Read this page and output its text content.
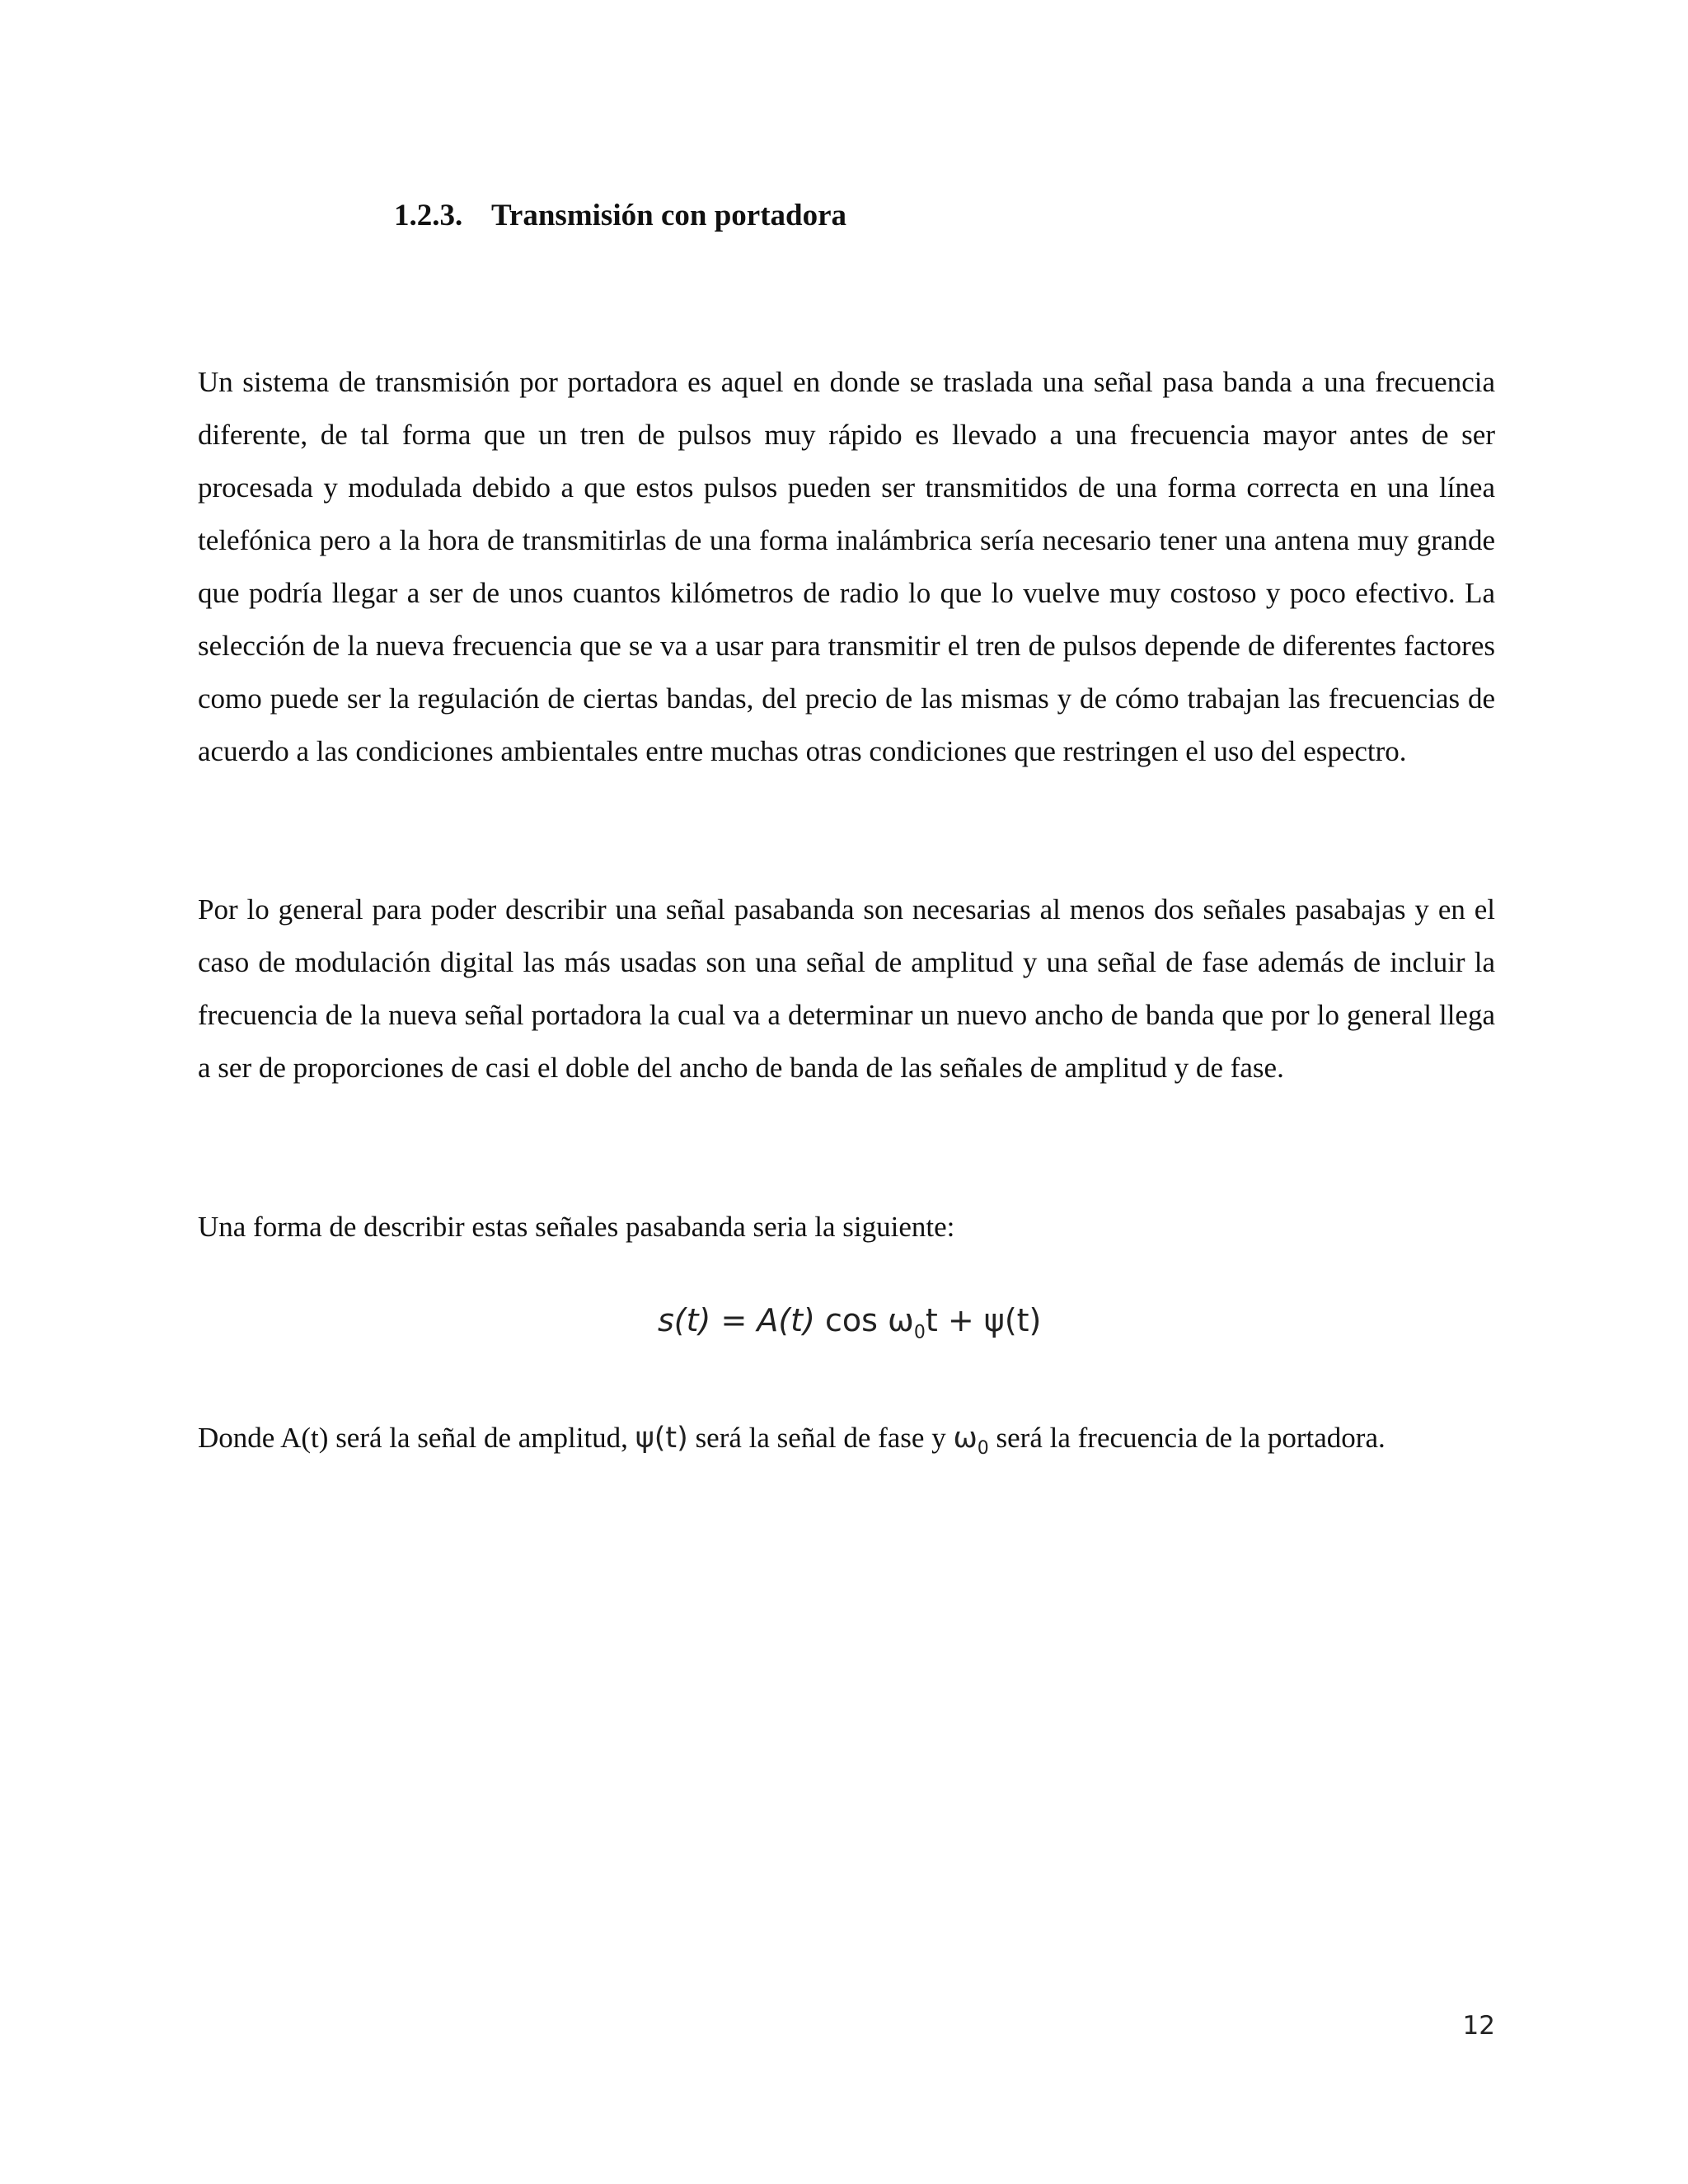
1.2.3. Transmisión con portadora

Un sistema de transmisión por portadora es aquel en donde se traslada una señal pasa banda a una frecuencia diferente, de tal forma que un tren de pulsos muy rápido es llevado a una frecuencia mayor antes de ser procesada y modulada debido a que estos pulsos pueden ser transmitidos de una forma correcta en una línea telefónica pero a la hora de transmitirlas de una forma inalámbrica sería necesario tener una antena muy grande que podría llegar a ser de unos cuantos kilómetros de radio lo que lo vuelve muy costoso y poco efectivo. La selección de la nueva frecuencia que se va a usar para transmitir el tren de pulsos depende de diferentes factores como puede ser la regulación de ciertas bandas, del precio de las mismas y de cómo trabajan las frecuencias de acuerdo a las condiciones ambientales entre muchas otras condiciones que restringen el uso del espectro.

Por lo general para poder describir una señal pasabanda son necesarias al menos dos señales pasabajas y en el caso de modulación digital las más usadas son una señal de amplitud y una señal de fase además de incluir la frecuencia de la nueva señal portadora la cual va a determinar un nuevo ancho de banda que por lo general llega a ser de proporciones de casi el doble del ancho de banda de las señales de amplitud y de fase.

Una forma de describir estas señales pasabanda seria la siguiente:

s(t) = A(t) $\cos \omega_0t + \psi(t)$

Donde A(t) será la señal de amplitud, ψ(t) será la señal de fase y $\omega_0$ será la frecuencia de la portadora.

12
